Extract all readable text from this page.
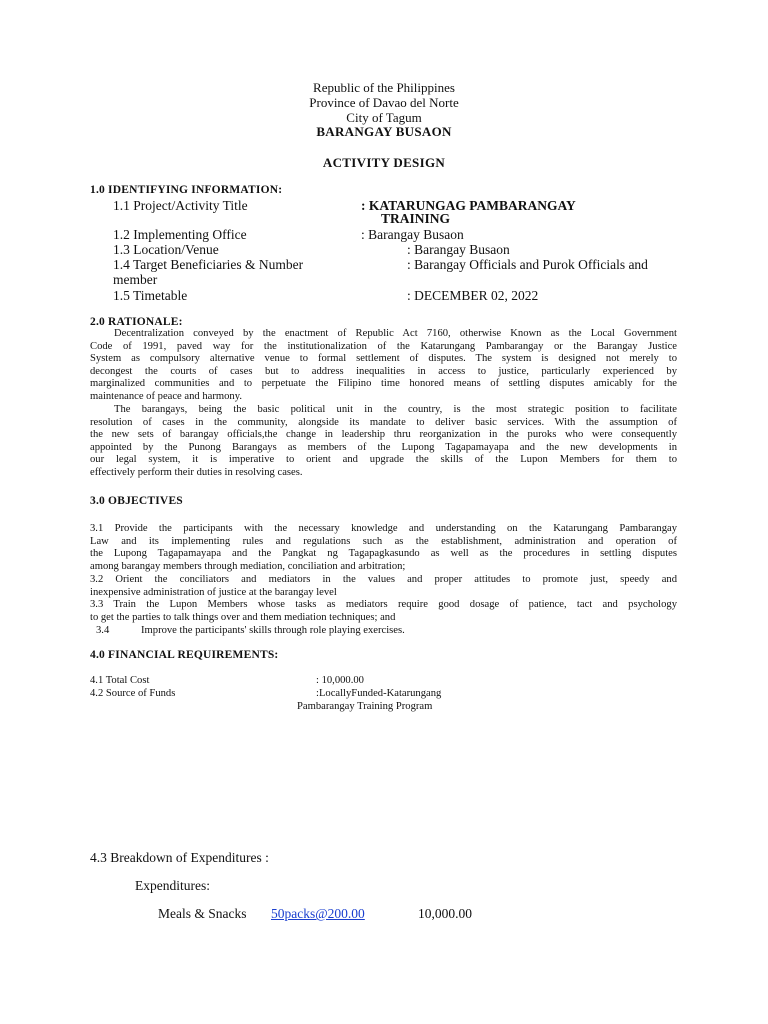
Republic of the Philippines
Province of Davao del Norte
City of Tagum
BARANGAY BUSAON
ACTIVITY DESIGN
1.0 IDENTIFYING INFORMATION:
1.1 Project/Activity Title	: KATARUNGAG PAMBARANGAY
TRAINING
1.2 Implementing Office	: Barangay Busaon
1.3 Location/Venue	: Barangay Busaon
1.4 Target Beneficiaries & Number	: Barangay Officials and Purok Officials and
member
1.5 Timetable	: DECEMBER 02, 2022
2.0 RATIONALE:
Decentralization conveyed by the enactment of Republic Act 7160, otherwise Known as the Local Government
Code of 1991, paved way for the institutionalization of the Katarungang Pambarangay or the Barangay Justice
System as compulsory alternative venue to formal settlement of disputes. The system is designed not merely to
decongest the courts of cases but to address inequalities in access to justice, particularly experienced by
marginalized communities and to perpetuate the Filipino time honored means of settling disputes amicably for the
maintenance of peace and harmony.
The barangays, being the basic political unit in the country, is the most strategic position to facilitate
resolution of cases in the community, alongside its mandate to deliver basic services. With the assumption of
the new sets of barangay officials,the change in leadership thru reorganization in the puroks who were consequently
appointed by the Punong Barangays as members of the Lupong Tagapamayapa and the new developments in
our legal system, it is imperative to orient and upgrade the skills of the Lupon Members for them to
effectively perform their duties in resolving cases.
3.0 OBJECTIVES
3.1 Provide the participants with the necessary knowledge and understanding on the Katarungang Pambarangay
Law and its implementing rules and regulations such as the establishment, administration and operation of
the Lupong Tagapamayapa and the Pangkat ng Tagapagkasundo as well as the procedures in settling disputes
among barangay members through mediation, conciliation and arbitration;
3.2 Orient the conciliators and mediators in the values and proper attitudes to promote just, speedy and
inexpensive administration of justice at the barangay level
3.3 Train the Lupon Members whose tasks as mediators require good dosage of patience, tact and psychology
to get the parties to talk things over and them mediation techniques; and
3.4	Improve the participants' skills through role playing exercises.
4.0 FINANCIAL REQUIREMENTS:
4.1 Total Cost	: 10,000.00
4.2 Source of Funds	:LocallyFunded-Katarungang
Pambarangay Training Program
4.3 Breakdown of Expenditures :
Expenditures:
Meals & Snacks 50packs@200.00	10,000.00
